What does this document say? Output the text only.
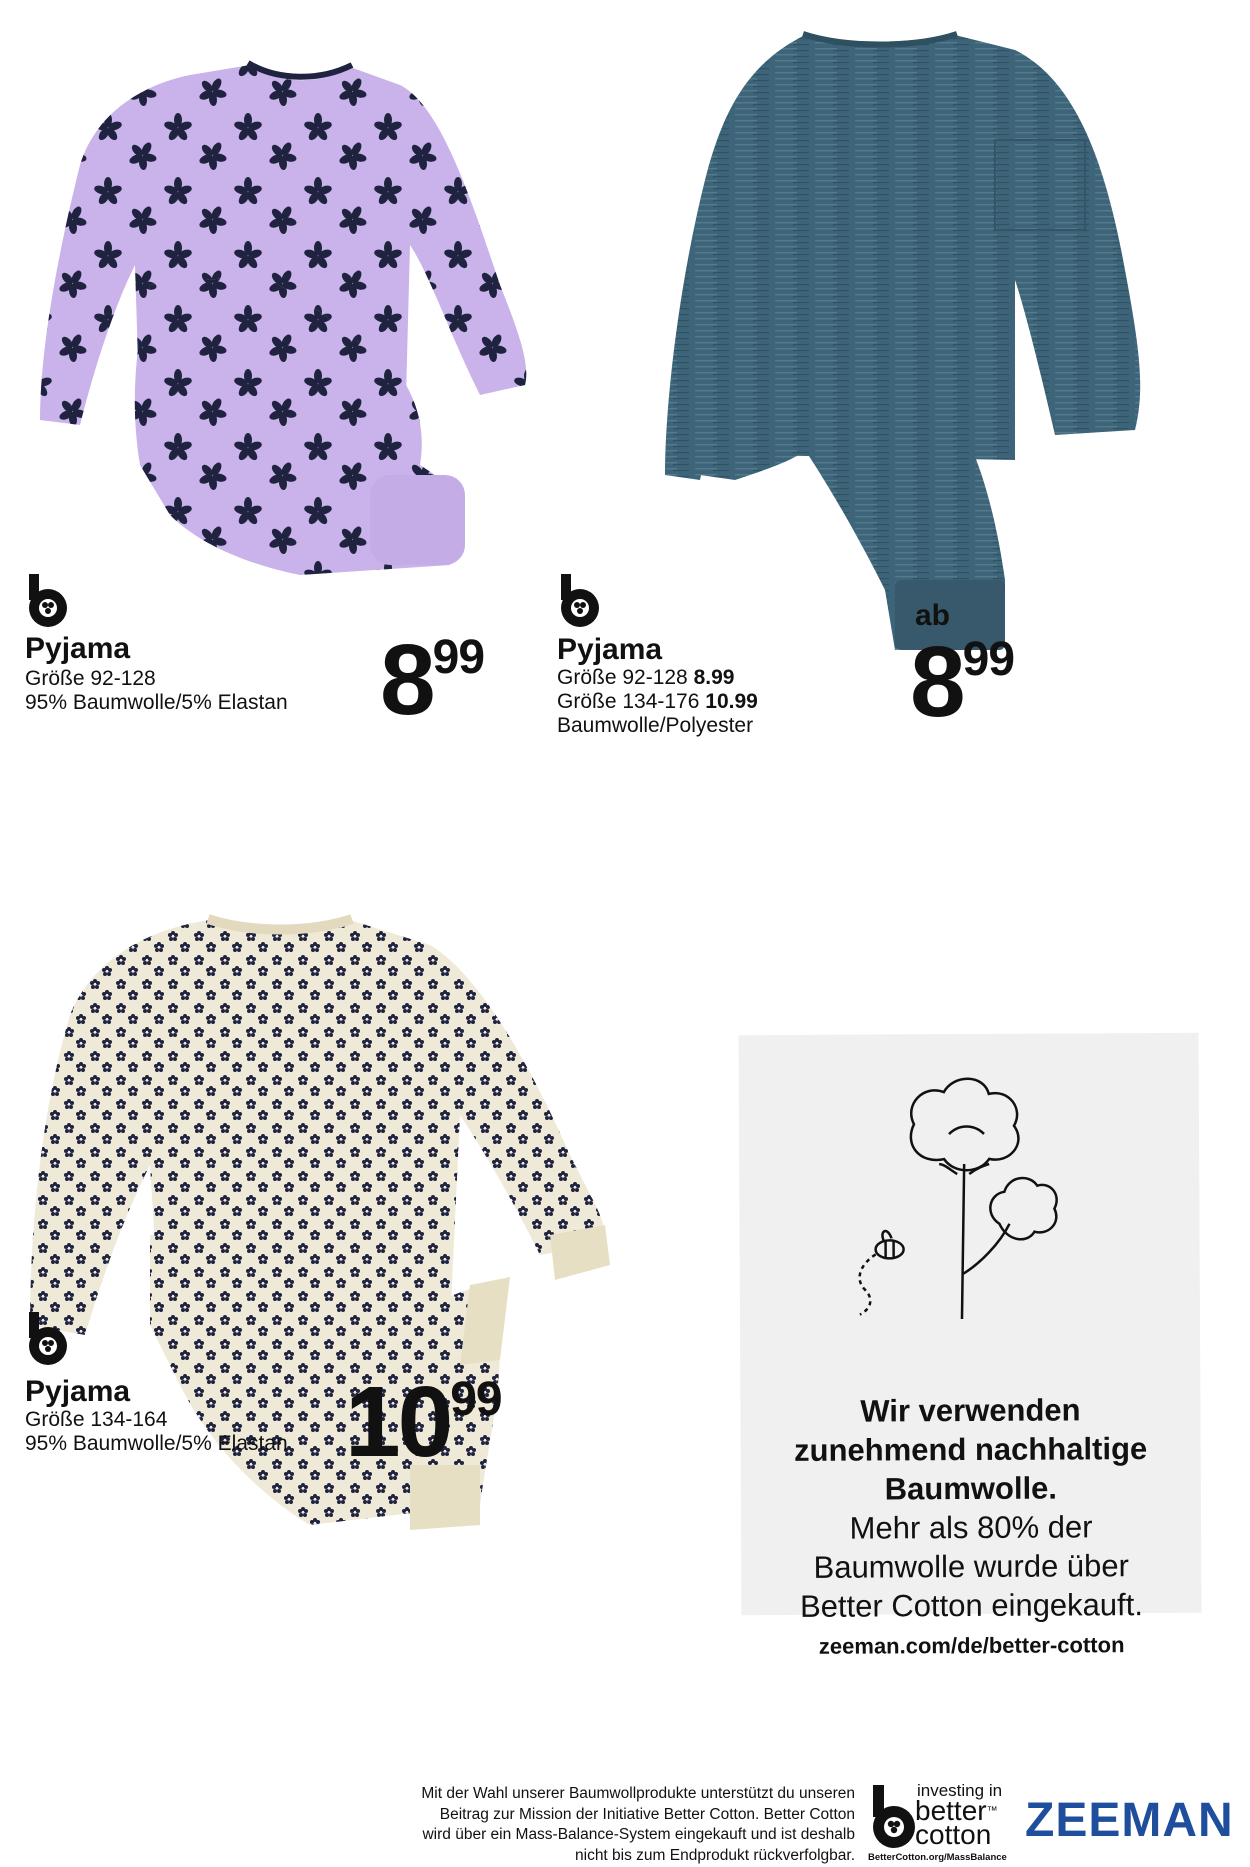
Pyjama
Größe 92-128
95% Baumwolle/5% Elastan 899 Pyjama
Größe 92-128 8.99
Größe 134-176 10.99
Baumwolle/Polyester
ab
899
Pyjama
Größe 134-164
95% Baumwolle/5% Elastan 1099	Wir verwenden
zunehmend nachhaltige
Baumwolle.
Mehr als 80% der
Baumwolle wurde über
Better Cotton eingekauft.
zeeman.com/de/better-cotton
Mit der Wahl unserer Baumwollprodukte unterstützt du unseren
Beitrag zur Mission der Initiative Better Cotton. Better Cotton
wird über ein Mass-Balance-System eingekauft und ist deshalb
nicht bis zum Endprodukt rückverfolgbar.
investing in
better™
cotton
BetterCotton.org/MassBalance
ZEEMAN
